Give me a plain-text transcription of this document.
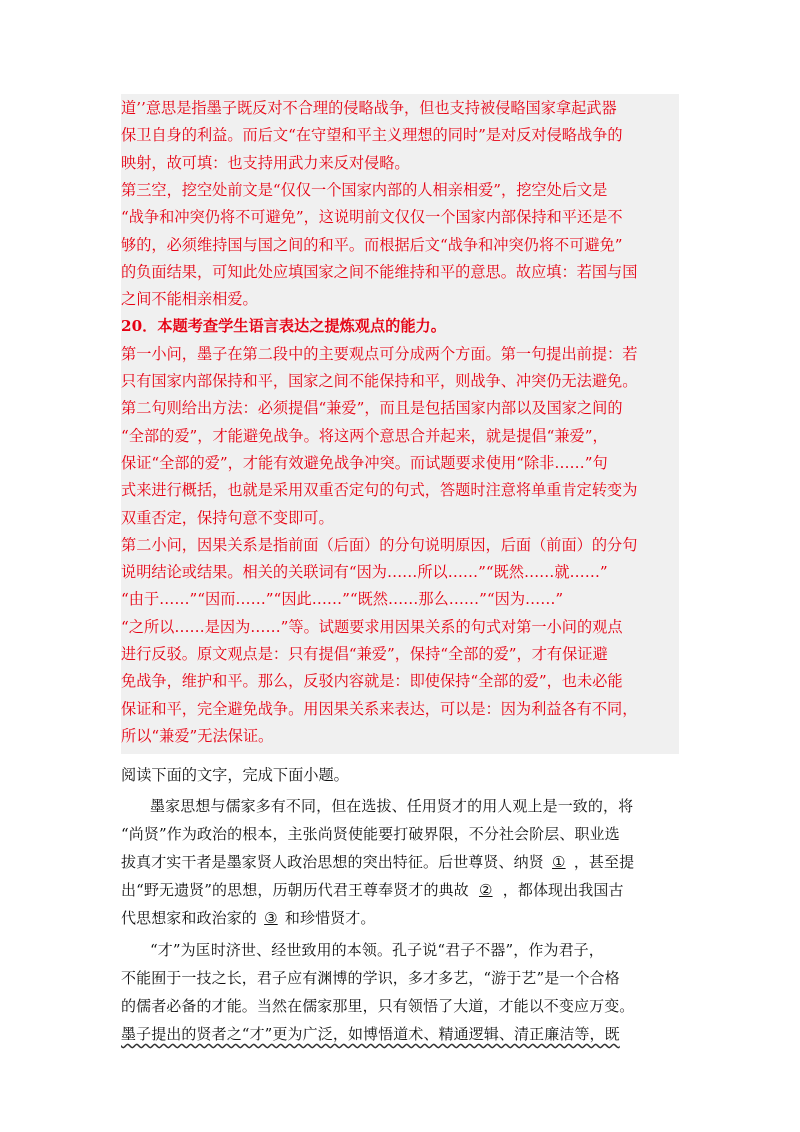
道’’意思是指墨子既反对不合理的侵略战争，但也支持被侵略国家拿起武器
保卫自身的利益。而后文“在守望和平主义理想的同时”是对反对侵略战争的
映射，故可填：也支持用武力来反对侵略。
第三空，挖空处前文是“仅仅一个国家内部的人相亲相爱”，挖空处后文是
“战争和冲突仍将不可避免”，这说明前文仅仅一个国家内部保持和平还是不
够的，必须维持国与国之间的和平。而根据后文“战争和冲突仍将不可避免”
的负面结果，可知此处应填国家之间不能维持和平的意思。故应填：若国与国
之间不能相亲相爱。
20．本题考查学生语言表达之提炼观点的能力。
第一小问，墨子在第二段中的主要观点可分成两个方面。第一句提出前提：若
只有国家内部保持和平，国家之间不能保持和平，则战争、冲突仍无法避免。
第二句则给出方法：必须提倡“兼爱”，而且是包括国家内部以及国家之间的
“全部的爱”，才能避免战争。将这两个意思合并起来，就是提倡“兼爱”，
保证“全部的爱”，才能有效避免战争冲突。而试题要求使用“除非……”句
式来进行概括，也就是采用双重否定句的句式，答题时注意将单重肯定转变为
双重否定，保持句意不变即可。
第二小问，因果关系是指前面（后面）的分句说明原因，后面（前面）的分句
说明结论或结果。相关的关联词有“因为……所以……”“既然……就……”
“由于……”“因而……”“因此……”“既然……那么……”“因为……”
“之所以……是因为……”等。试题要求用因果关系的句式对第一小问的观点
进行反驳。原文观点是：只有提倡“兼爱”，保持“全部的爱”，才有保证避
免战争，维护和平。那么，反驳内容就是：即使保持“全部的爱”，也未必能
保证和平，完全避免战争。用因果关系来表达，可以是：因为利益各有不同，
所以“兼爱”无法保证。
阅读下面的文字，完成下面小题。
墨家思想与儒家多有不同，但在选拔、任用贤才的用人观上是一致的，将
“尚贤”作为政治的根本，主张尚贤使能要打破界限，不分社会阶层、职业选
拔真才实干者是墨家贤人政治思想的突出特征。后世尊贤、纳贤 ① ，甚至提
出“野无遗贤”的思想，历朝历代君王尊奉贤才的典故 ② ，都体现出我国古
代思想家和政治家的 ③ 和珍惜贤才。
“才”为匡时济世、经世致用的本领。孔子说“君子不器”，作为君子，
不能囿于一技之长，君子应有渊博的学识，多才多艺，“游于艺”是一个合格
的儒者必备的才能。当然在儒家那里，只有领悟了大道，才能以不变应万变。
墨子提出的贤者之“才”更为广泛，如博悟道术、精通逻辑、清正廉洁等，既
